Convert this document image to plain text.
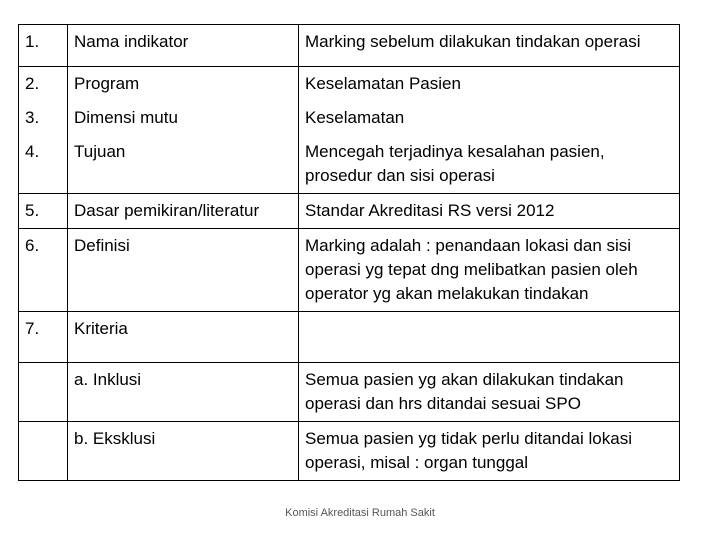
1.	Nama indikator	Marking sebelum dilakukan tindakan operasi
2.	Program	Keselamatan Pasien
3.	Dimensi mutu	Keselamatan
4.	Tujuan	Mencegah terjadinya kesalahan pasien, prosedur dan sisi operasi
5.	Dasar pemikiran/literatur	Standar Akreditasi RS versi 2012
6.	Definisi	Marking adalah : penandaan lokasi dan sisi operasi yg tepat dng melibatkan pasien oleh operator yg akan melakukan tindakan
7.	Kriteria	
	a. Inklusi	Semua pasien yg akan dilakukan tindakan operasi dan hrs ditandai sesuai SPO
	b. Eksklusi	Semua pasien yg tidak perlu ditandai lokasi operasi, misal : organ tunggal
Komisi Akreditasi Rumah Sakit
